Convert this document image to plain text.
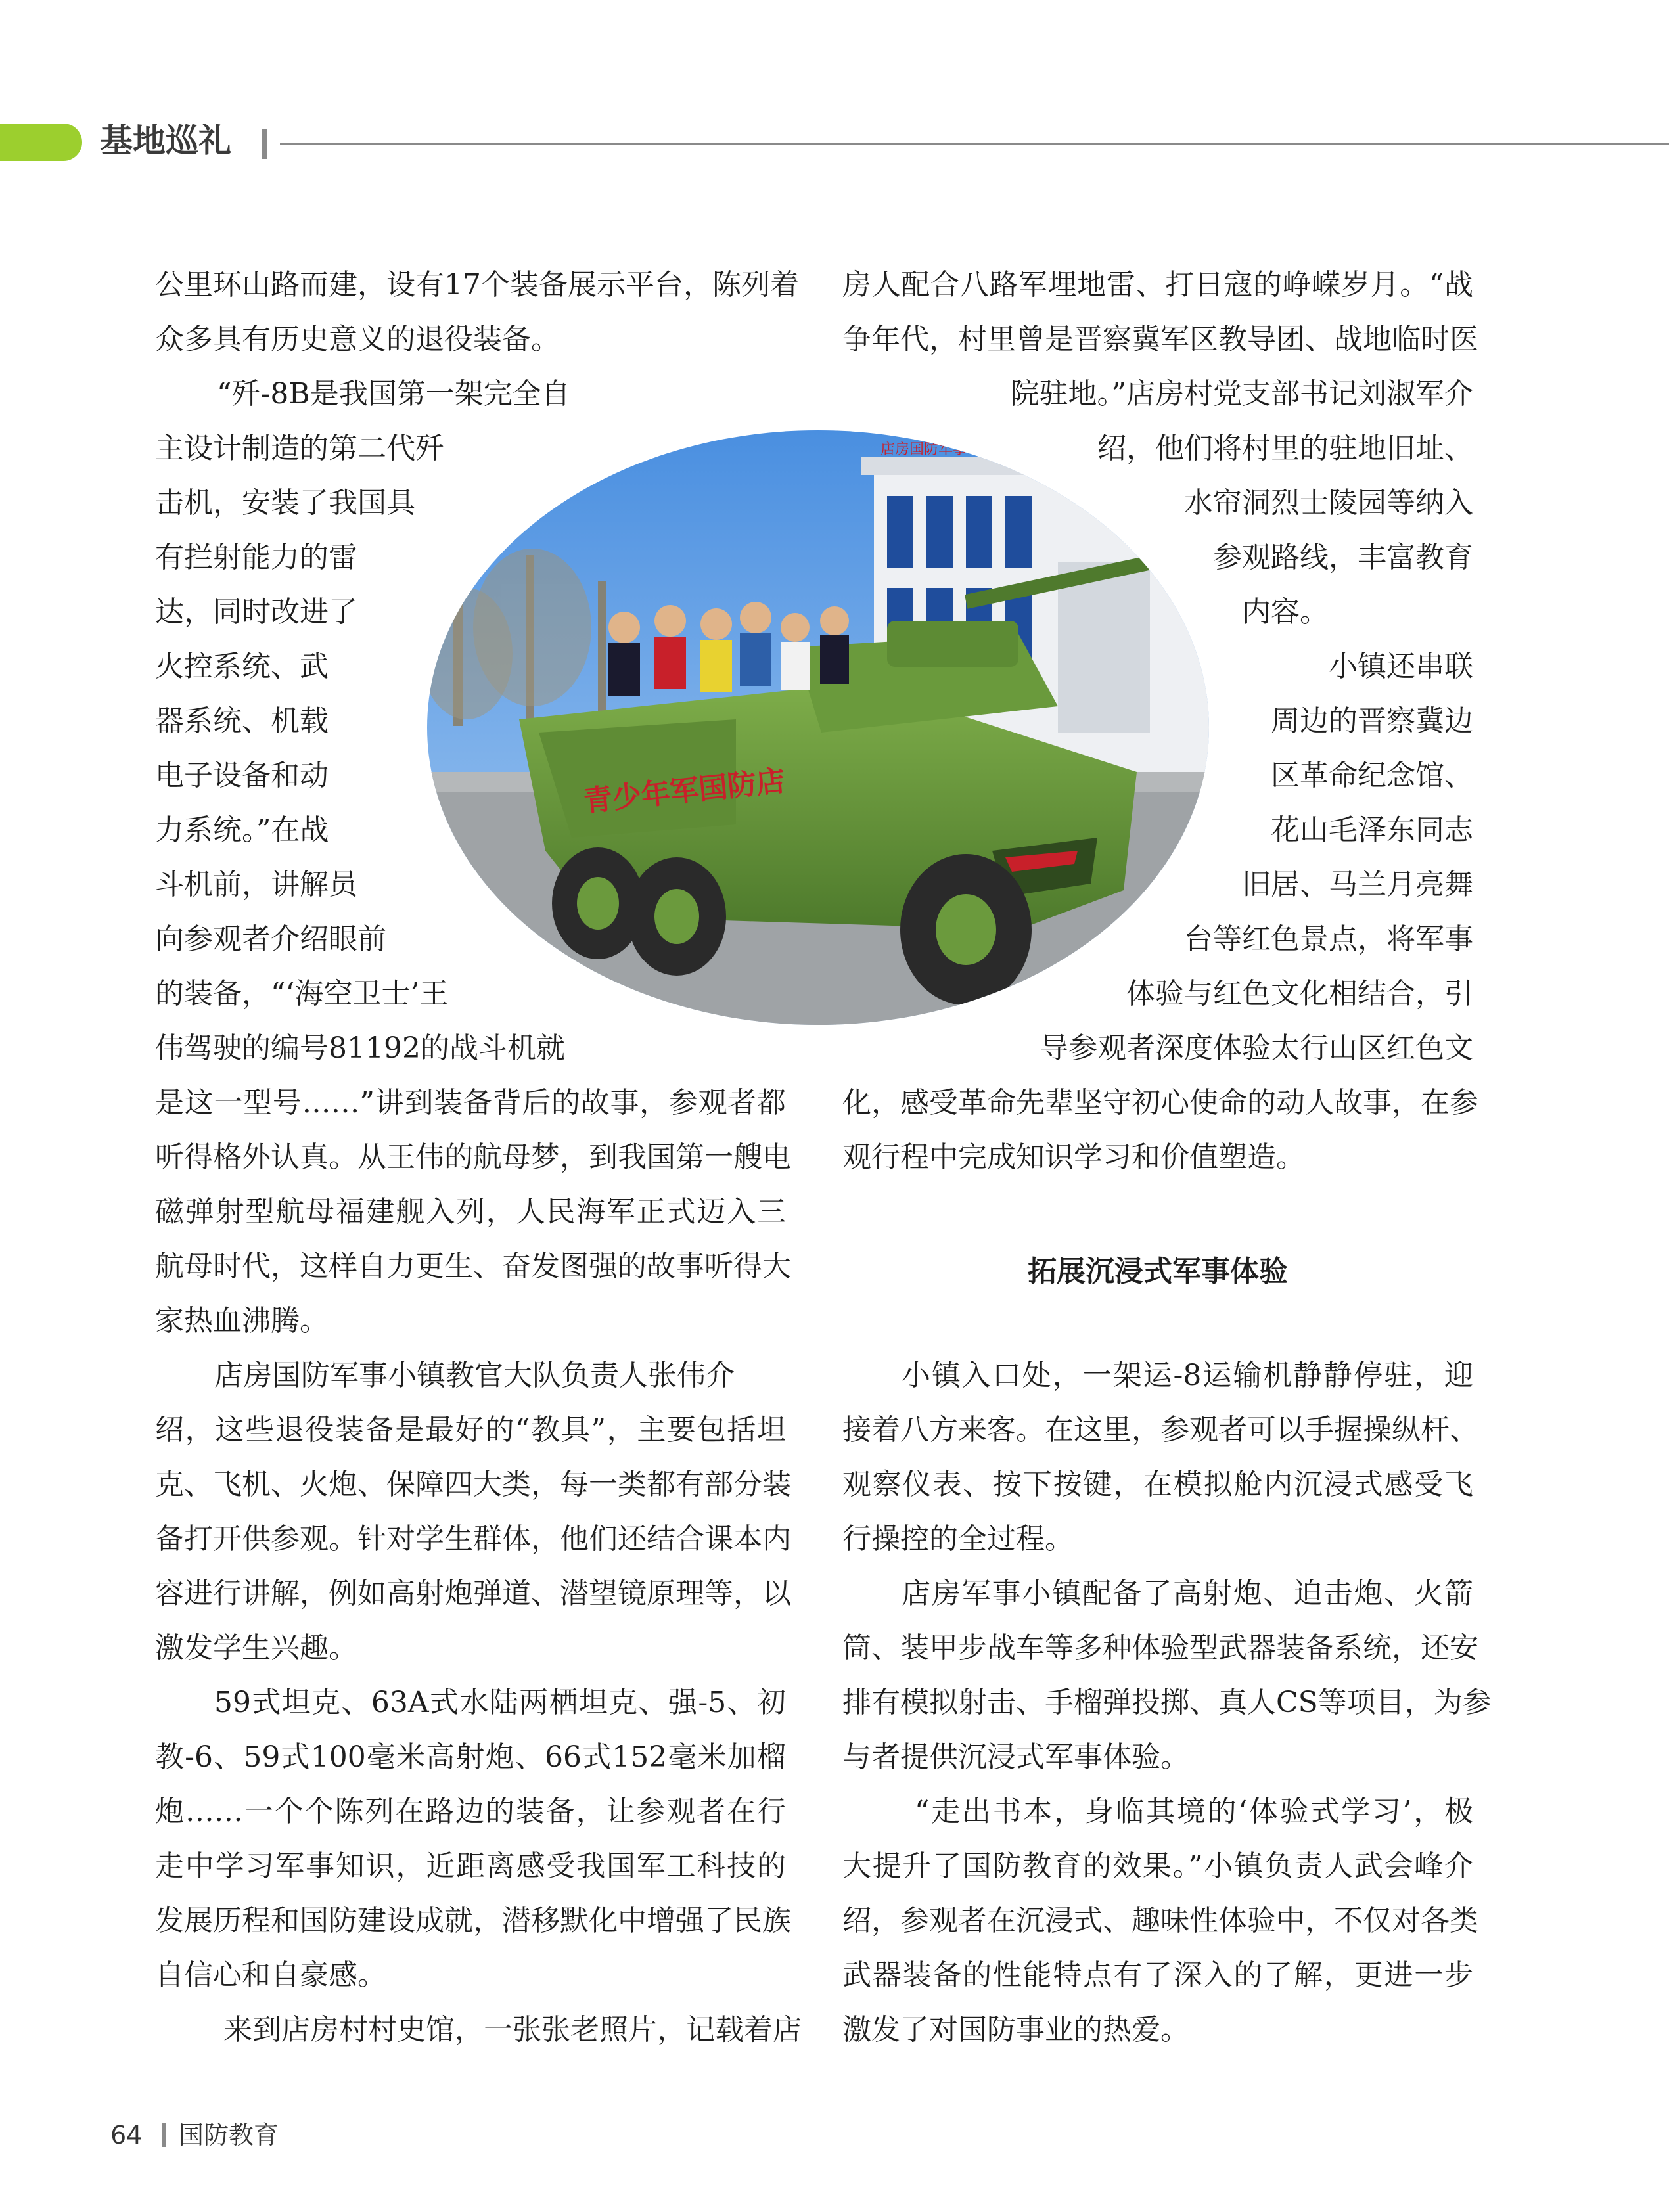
基地巡礼
公里环山路而建，设有17个装备展示平台，陈列着
众多具有历史意义的退役装备。
“歼-8B是我国第一架完全自
主设计制造的第二代歼
击机，安装了我国具
有拦射能力的雷
达，同时改进了
火控系统、武
器系统、机载
电子设备和动
力系统。”在战
斗机前，讲解员
向参观者介绍眼前
的装备，“‘海空卫士’王
伟驾驶的编号81192的战斗机就
是这一型号……”讲到装备背后的故事，参观者都
听得格外认真。从王伟的航母梦，到我国第一艘电
磁弹射型航母福建舰入列，人民海军正式迈入三
航母时代，这样自力更生、奋发图强的故事听得大
家热血沸腾。
店房国防军事小镇教官大队负责人张伟介
绍，这些退役装备是最好的“教具”，主要包括坦
克、飞机、火炮、保障四大类，每一类都有部分装
备打开供参观。针对学生群体，他们还结合课本内
容进行讲解，例如高射炮弹道、潜望镜原理等，以
激发学生兴趣。
59式坦克、63A式水陆两栖坦克、强-5、初
教-6、59式100毫米高射炮、66式152毫米加榴
炮……一个个陈列在路边的装备，让参观者在行
走中学习军事知识，近距离感受我国军工科技的
发展历程和国防建设成就，潜移默化中增强了民族
自信心和自豪感。
来到店房村村史馆，一张张老照片，记载着店
房人配合八路军埋地雷、打日寇的峥嵘岁月。“战
争年代，村里曾是晋察冀军区教导团、战地临时医
院驻地。”店房村党支部书记刘淑军介
绍，他们将村里的驻地旧址、
水帘洞烈士陵园等纳入
参观路线，丰富教育
内容。
小镇还串联
周边的晋察冀边
区革命纪念馆、
花山毛泽东同志
旧居、马兰月亮舞
台等红色景点，将军事
体验与红色文化相结合，引
导参观者深度体验太行山区红色文
化，感受革命先辈坚守初心使命的动人故事，在参
观行程中完成知识学习和价值塑造。
拓展沉浸式军事体验
小镇入口处，一架运-8运输机静静停驻，迎
接着八方来客。在这里，参观者可以手握操纵杆、
观察仪表、按下按键，在模拟舱内沉浸式感受飞
行操控的全过程。
店房军事小镇配备了高射炮、迫击炮、火箭
筒、装甲步战车等多种体验型武器装备系统，还安
排有模拟射击、手榴弹投掷、真人CS等项目，为参
与者提供沉浸式军事体验。
“走出书本，身临其境的‘体验式学习’，极
大提升了国防教育的效果。”小镇负责人武会峰介
绍，参观者在沉浸式、趣味性体验中，不仅对各类
武器装备的性能特点有了深入的了解，更进一步
激发了对国防事业的热爱。
店房国防军事小镇
青少年军国防店
64 国防教育
